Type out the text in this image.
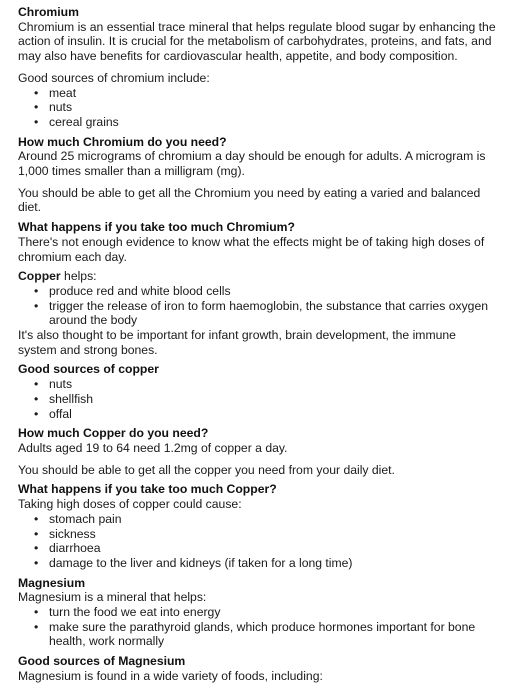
Chromium

Chromium is an essential trace mineral that helps regulate blood sugar by enhancing the action of insulin. It is crucial for the metabolism of carbohydrates, proteins, and fats, and may also have benefits for cardiovascular health, appetite, and body composition.

Good sources of chromium include:

• meat
• nuts
• cereal grains
How much Chromium do you need?

Around 25 micrograms of chromium a day should be enough for adults. A microgram is 1,000 times smaller than a milligram (mg).

You should be able to get all the Chromium you need by eating a varied and balanced diet.

What happens if you take too much Chromium?

There's not enough evidence to know what the effects might be of taking high doses of chromium each day.

Copper helps:

• produce red and white blood cells
• trigger the release of iron to form haemoglobin, the substance that carries oxygen around the body

It's also thought to be important for infant growth, brain development, the immune system and strong bones.

Good sources of copper
• nuts
• shellfish
• offal
How much Copper do you need?

Adults aged 19 to 64 need 1.2mg of copper a day.

You should be able to get all the copper you need from your daily diet.

What happens if you take too much Copper?

Taking high doses of copper could cause:

• stomach pain
• sickness
• diarrhoea
• damage to the liver and kidneys (if taken for a long time)
Magnesium

Magnesium is a mineral that helps:

• turn the food we eat into energy
• make sure the parathyroid glands, which produce hormones important for bone health, work normally
Good sources of Magnesium

Magnesium is found in a wide variety of foods, including:
